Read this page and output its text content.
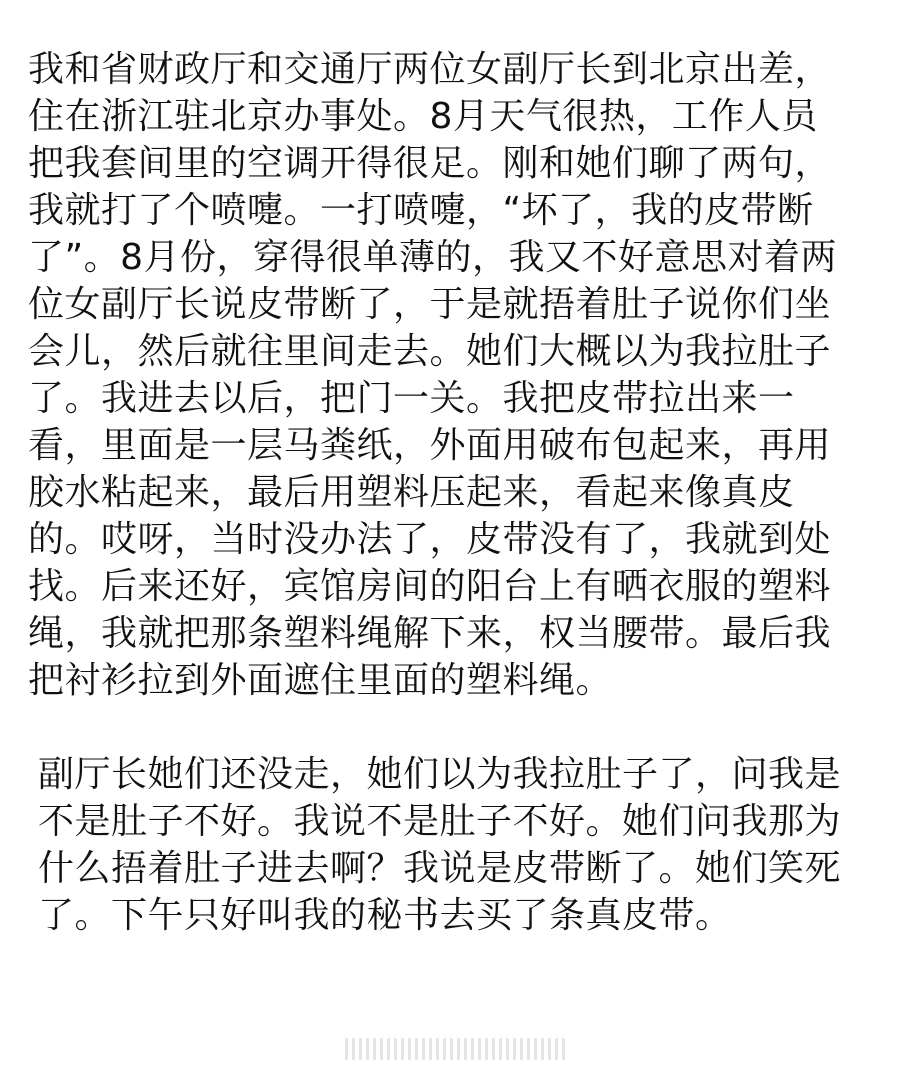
我和省财政厅和交通厅两位女副厅长到北京出差，
住在浙江驻北京办事处。8月天气很热，工作人员
把我套间里的空调开得很足。刚和她们聊了两句，
我就打了个喷嚏。一打喷嚏，“坏了，我的皮带断
了”。8月份，穿得很单薄的，我又不好意思对着两
位女副厅长说皮带断了，于是就捂着肚子说你们坐
会儿，然后就往里间走去。她们大概以为我拉肚子
了。我进去以后，把门一关。我把皮带拉出来一
看，里面是一层马粪纸，外面用破布包起来，再用
胶水粘起来，最后用塑料压起来，看起来像真皮
的。哎呀，当时没办法了，皮带没有了，我就到处
找。后来还好，宾馆房间的阳台上有晒衣服的塑料
绳，我就把那条塑料绳解下来，权当腰带。最后我
把衬衫拉到外面遮住里面的塑料绳。
副厅长她们还没走，她们以为我拉肚子了，问我是
不是肚子不好。我说不是肚子不好。她们问我那为
什么捂着肚子进去啊？我说是皮带断了。她们笑死
了。下午只好叫我的秘书去买了条真皮带。
